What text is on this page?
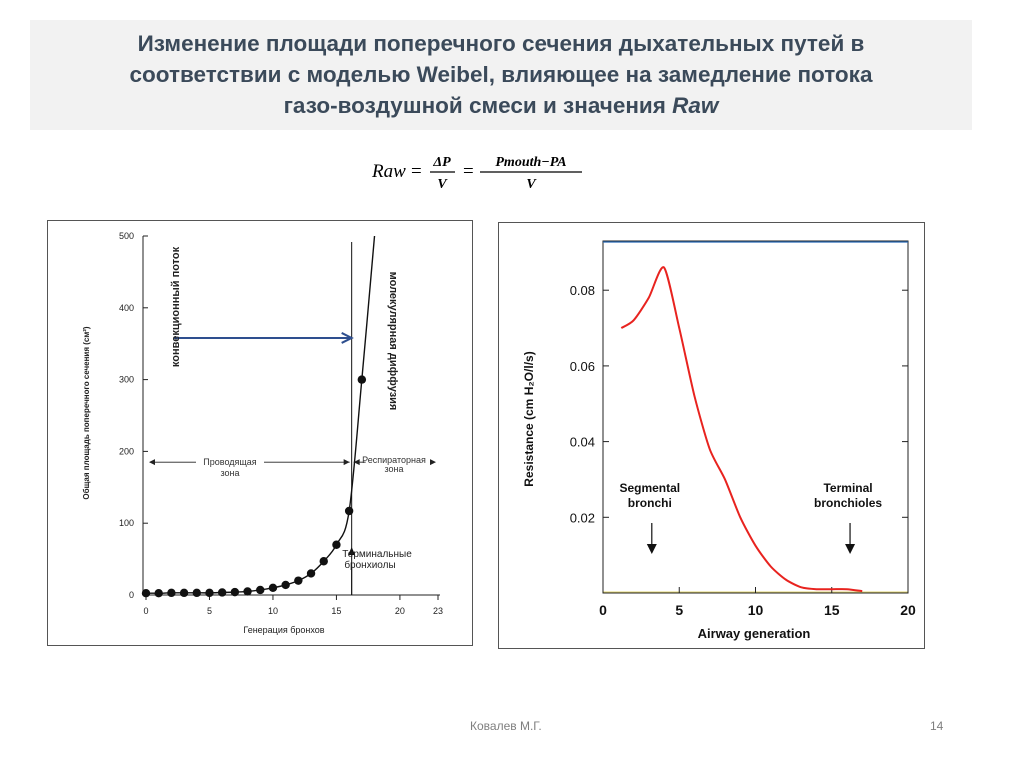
Изменение площади поперечного сечения дыхательных путей в
соответствии с моделью Weibel, влияющее на замедление потока
газо-воздушной смеси и значения Raw
Raw = ΔP
V
= Pmouth−PA
V
0
100
200
300
400
500
0	5	10	15	20	23
конвекционный поток	молекулярная диффузия
Общая площадь поперечного сечения (см²)
Генерация бронхов
Проводящая
зона
Респираторная
зона
Терминальные
бронхиолы
0.02
0.04
0.06
0.08
0	5	10	15	20
Resistance (cm H₂O/l/s)
Airway generation
Segmental
bronchi
Terminal
bronchioles
Ковалев М.Г.	14
